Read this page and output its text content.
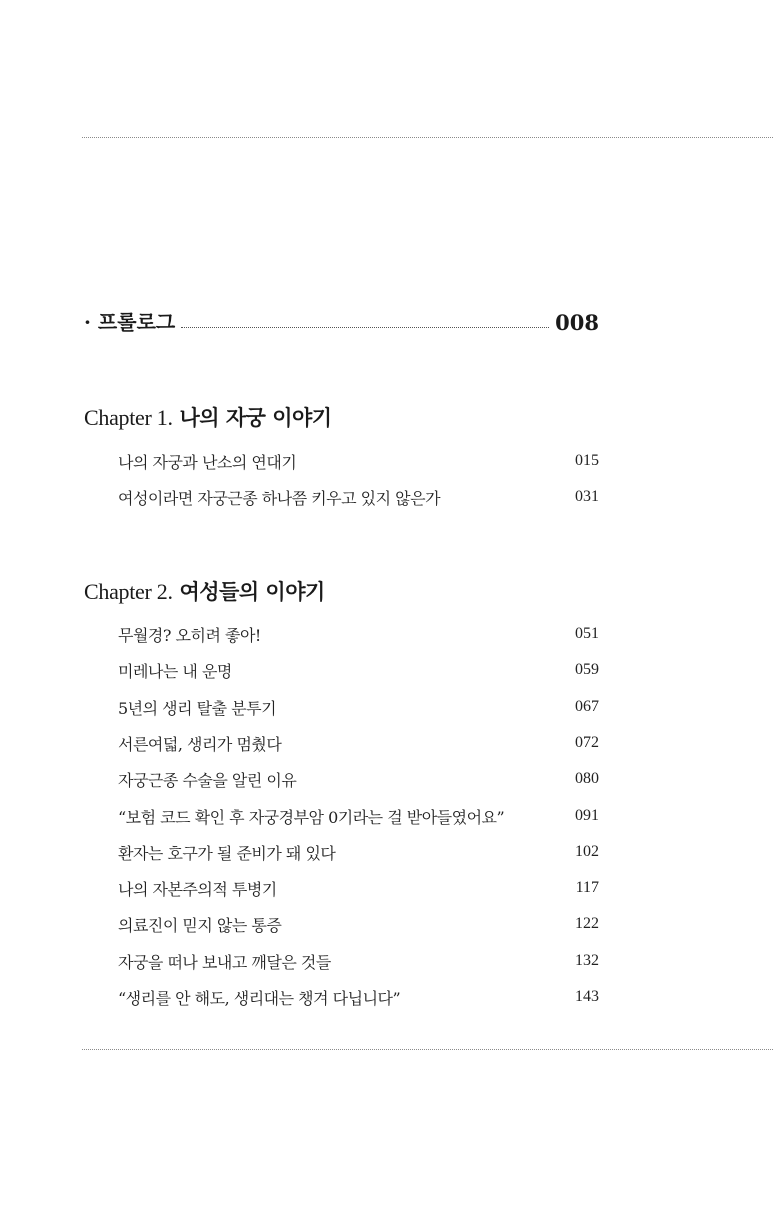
· 프롤로그	008
Chapter 1. 나의 자궁 이야기
나의 자궁과 난소의 연대기	015
여성이라면 자궁근종 하나쯤 키우고 있지 않은가	031
Chapter 2. 여성들의 이야기
무월경? 오히려 좋아!	051
미레나는 내 운명	059
5년의 생리 탈출 분투기	067
서른여덟, 생리가 멈췄다	072
자궁근종 수술을 알린 이유	080
“보험 코드 확인 후 자궁경부암 0기라는 걸 받아들였어요”	091
환자는 호구가 될 준비가 돼 있다	102
나의 자본주의적 투병기	117
의료진이 믿지 않는 통증	122
자궁을 떠나 보내고 깨달은 것들	132
“생리를 안 해도, 생리대는 챙겨 다닙니다”	143
